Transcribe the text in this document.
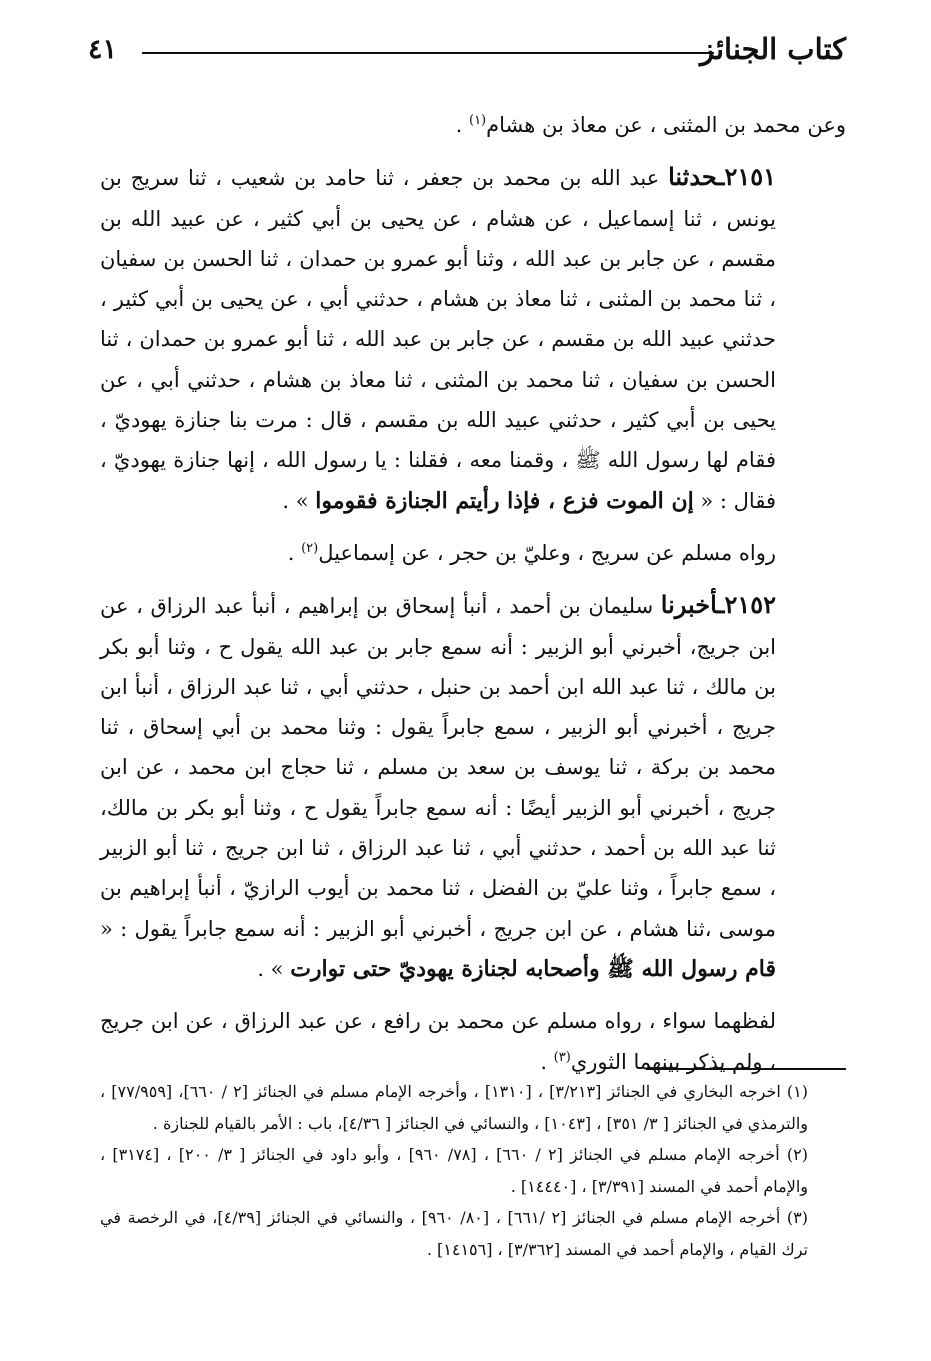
كتاب الجنائز
٤١

وعن محمد بن المثنى ، عن معاذ بن هشام$^{(١)}$ .

٢١٥١ـحدثنا عبد الله بن محمد بن جعفر ، ثنا حامد بن شعيب ، ثنا سريج بن يونس ، ثنا إسماعيل ، عن هشام ، عن يحيى بن أبي كثير ، عن عبيد الله بن مقسم ، عن جابر بن عبد الله ، وثنا أبو عمرو بن حمدان ، ثنا الحسن بن سفيان ، ثنا محمد بن المثنى ، ثنا معاذ بن هشام ، حدثني أبي ، عن يحيى بن أبي كثير ، حدثني عبيد الله بن مقسم ، عن جابر بن عبد الله ، ثنا أبو عمرو بن حمدان ، ثنا الحسن بن سفيان ، ثنا محمد بن المثنى ، ثنا معاذ بن هشام ، حدثني أبي ، عن يحيى بن أبي كثير ، حدثني عبيد الله بن مقسم ، قال : مرت بنا جنازة يهوديّ ، فقام لها رسول الله ﷺ ، وقمنا معه ، فقلنا : يا رسول الله ، إنها جنازة يهوديّ ، فقال : « إن الموت فزع ، فإذا رأيتم الجنازة فقوموا » .

رواه مسلم عن سريج ، وعليّ بن حجر ، عن إسماعيل$^{(٢)}$ .

٢١٥٢ـأخبرنا سليمان بن أحمد ، أنبأ إسحاق بن إبراهيم ، أنبأ عبد الرزاق ، عن ابن جريج، أخبرني أبو الزبير : أنه سمع جابر بن عبد الله يقول ح ، وثنا أبو بكر بن مالك ، ثنا عبد الله ابن أحمد بن حنبل ، حدثني أبي ، ثنا عبد الرزاق ، أنبأ ابن جريج ، أخبرني أبو الزبير ، سمع جابراً يقول : وثنا محمد بن أبي إسحاق ، ثنا محمد بن بركة ، ثنا يوسف بن سعد بن مسلم ، ثنا حجاج ابن محمد ، عن ابن جريج ، أخبرني أبو الزبير أيضًا : أنه سمع جابراً يقول ح ، وثنا أبو بكر بن مالك، ثنا عبد الله بن أحمد ، حدثني أبي ، ثنا عبد الرزاق ، ثنا ابن جريج ، ثنا أبو الزبير ، سمع جابراً ، وثنا عليّ بن الفضل ، ثنا محمد بن أيوب الرازيّ ، أنبأ إبراهيم بن موسى ،ثنا هشام ، عن ابن جريج ، أخبرني أبو الزبير : أنه سمع جابراً يقول : « قام رسول الله ﷺ وأصحابه لجنازة يهوديّ حتى توارت » .

لفظهما سواء ، رواه مسلم عن محمد بن رافع ، عن عبد الرزاق ، عن ابن جريج ، ولم يذكر بينهما الثوري$^{(٣)}$ .

(١) اخرجه البخاري في الجنائز [٣/٢١٣] ، [١٣١٠] ، وأخرجه الإمام مسلم في الجنائز [٢ / ٦٦٠]، [٧٧/٩٥٩] ، والترمذي في الجنائز [ ٣/ ٣٥١] ، [١٠٤٣] ، والنسائي في الجنائز [ ٤/٣٦]، باب : الأمر بالقيام للجنازة .

(٢) أخرجه الإمام مسلم في الجنائز [٢ / ٦٦٠] ، [٧٨/ ٩٦٠] ، وأبو داود في الجنائز [ ٣/ ٢٠٠] ، [٣١٧٤] ، والإمام أحمد في المسند [٣/٣٩١] ، [١٤٤٤٠] .

(٣) أخرجه الإمام مسلم في الجنائز [٢ /٦٦١] ، [٨٠/ ٩٦٠] ، والنسائي في الجنائز [٤/٣٩]، في الرخصة في ترك القيام ، والإمام أحمد في المسند [٣/٣٦٢] ، [١٤١٥٦] .
